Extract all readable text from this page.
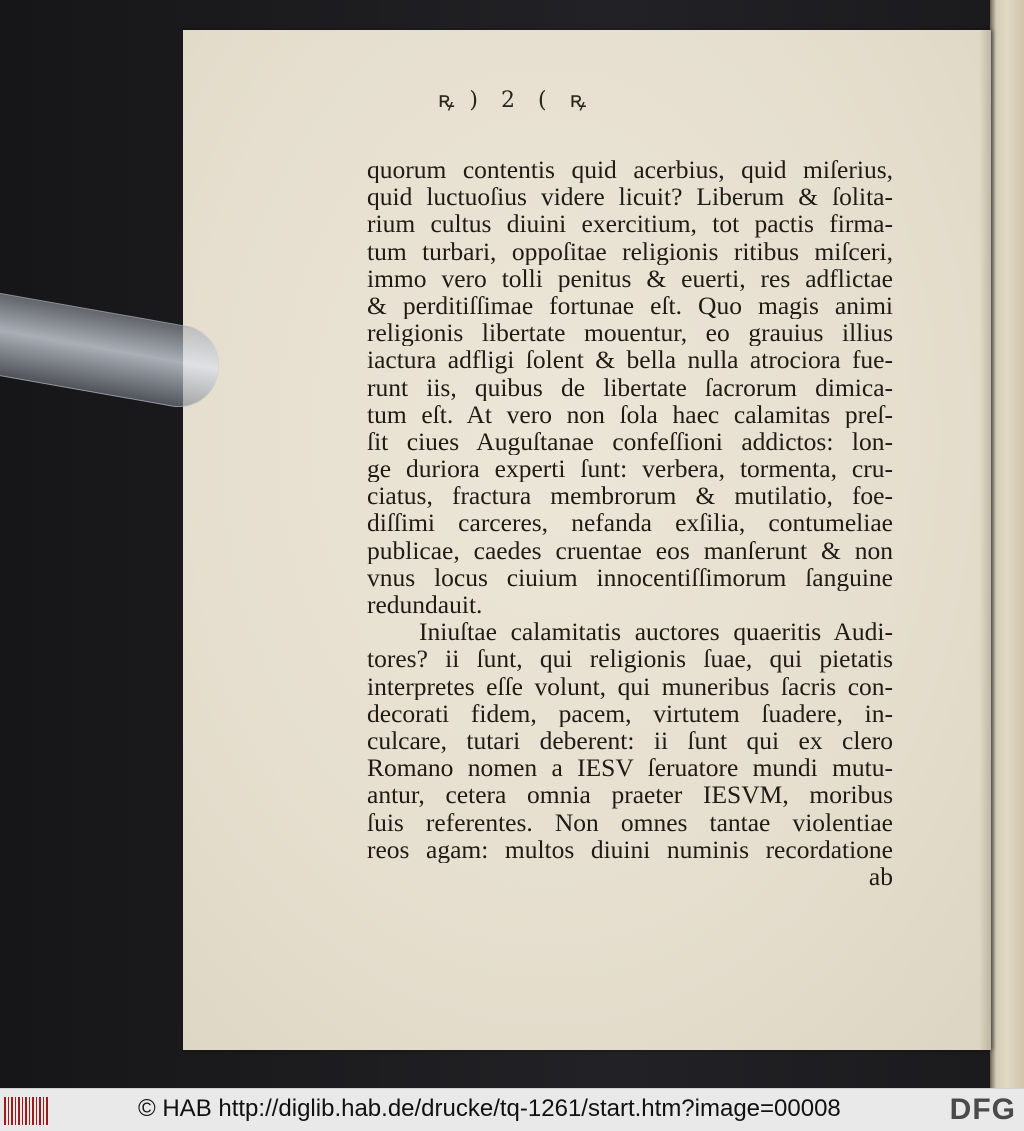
ꝶ ) 2 ( ꝶ
quorum contentis quid acerbius, quid miſerius,
quid luctuoſius videre licuit? Liberum & ſolita-
rium cultus diuini exercitium, tot pactis firma-
tum turbari, oppoſitae religionis ritibus miſceri,
immo vero tolli penitus & euerti, res adflictae
& perditiſſimae fortunae eſt. Quo magis animi
religionis libertate mouentur, eo grauius illius
iactura adfligi ſolent & bella nulla atrociora fue-
runt iis, quibus de libertate ſacrorum dimica-
tum eſt. At vero non ſola haec calamitas preſ-
ſit ciues Auguſtanae confeſſioni addictos: lon-
ge duriora experti ſunt: verbera, tormenta, cru-
ciatus, fractura membrorum & mutilatio, foe-
diſſimi carceres, nefanda exſilia, contumeliae
publicae, caedes cruentae eos manſerunt & non
vnus locus ciuium innocentiſſimorum ſanguine
redundauit.
Iniuſtae calamitatis auctores quaeritis Audi-
tores? ii ſunt, qui religionis ſuae, qui pietatis
interpretes eſſe volunt, qui muneribus ſacris con-
decorati fidem, pacem, virtutem ſuadere, in-
culcare, tutari deberent: ii ſunt qui ex clero
Romano nomen a IESV ſeruatore mundi mutu-
antur, cetera omnia praeter IESVM, moribus
ſuis referentes. Non omnes tantae violentiae
reos agam: multos diuini numinis recordatione
ab
© HAB http://diglib.hab.de/drucke/tq-1261/start.htm?image=00008	DFG
